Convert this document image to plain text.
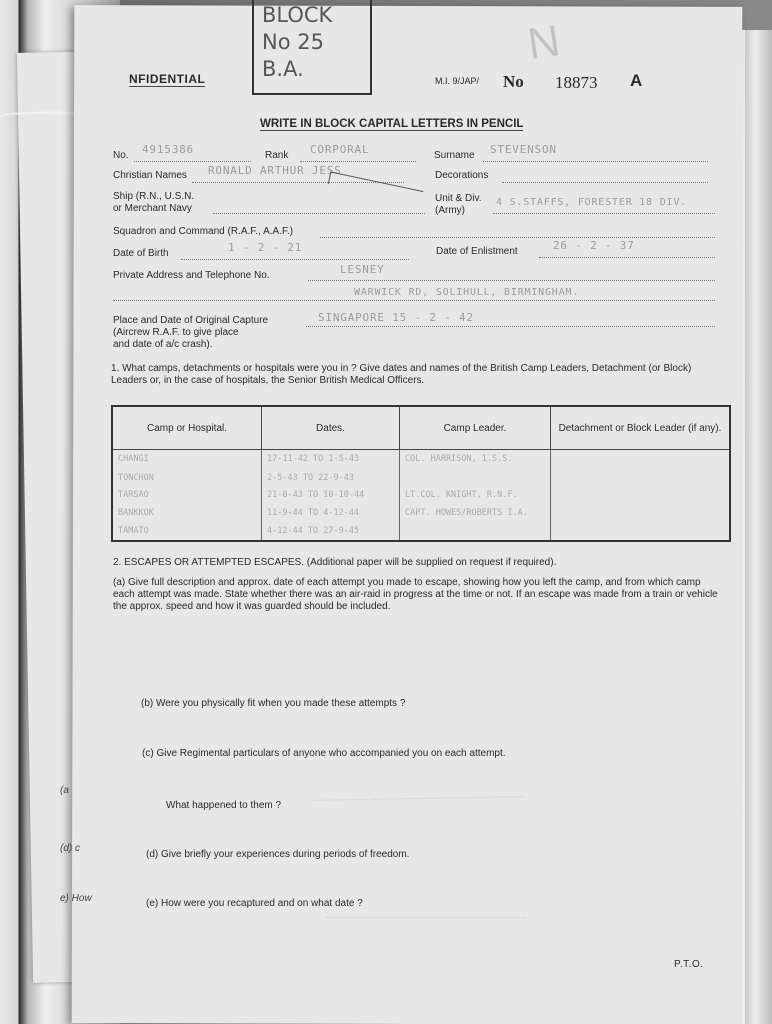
BLOCK
No 25
B.A.
N
NFIDENTIAL	M.I. 9/JAP/ No 18873 A
WRITE IN BLOCK CAPITAL LETTERS IN PENCIL
No. 4915386	Rank CORPORAL	Surname STEVENSON
Christian Names RONALD ARTHUR JESS	Decorations
Ship (R.N., U.S.N.
or Merchant Navy
Unit & Div.
(Army)
4 S.STAFFS, FORESTER 18 DIV.
Squadron and Command (R.A.F., A.A.F.)
Date of Birth	1 - 2 - 21	Date of Enlistment	26 - 2 - 37
Private Address and Telephone No.	LESNEY
WARWICK RD, SOLIHULL, BIRMINGHAM.
Place and Date of Original Capture
(Aircrew R.A.F. to give place
and date of a/c crash).
SINGAPORE 15 - 2 - 42
1. What camps, detachments or hospitals were you in ? Give dates and names of the British Camp Leaders, Detachment (or Block) Leaders or, in the case of hospitals, the Senior British Medical Officers.
Camp or Hospital.	Dates.	Camp Leader.	Detachment or Block Leader (if any).
CHANGI	17-11-42 TO 1-5-43	COL. HARRISON, 1.S.S.	
TONCHON	2-5-43 TO 22-9-43		
TARSAO	21-8-43 TO 10-10-44	LT.COL. KNIGHT, R.N.F.	
BANKKOK	11-9-44 TO 4-12-44	CAPT. HOWES/ROBERTS I.A.	
TAMATO	4-12-44 TO 27-9-45		
2. ESCAPES OR ATTEMPTED ESCAPES. (Additional paper will be supplied on request if required).
(a) Give full description and approx. date of each attempt you made to escape, showing how you left the camp, and from which camp each attempt was made. State whether there was an air-raid in progress at the time or not. If an escape was made from a train or vehicle the approx. speed and how it was guarded should be included.
(b) Were you physically fit when you made these attempts ?
(c) Give Regimental particulars of anyone who accompanied you on each attempt.
What happened to them ?
(d) Give briefly your experiences during periods of freedom.
(e) How were you recaptured and on what date ?
............................................................................
........................................................................
(a
(d) c
e) How
P.T.O.
